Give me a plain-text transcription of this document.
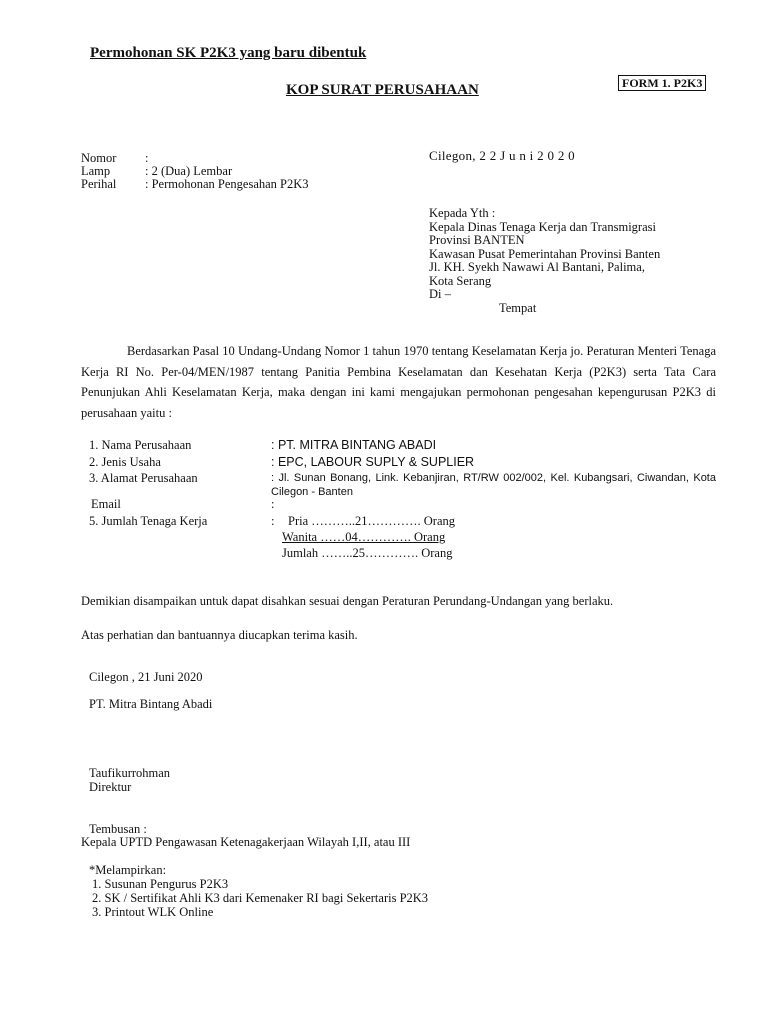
Permohonan SK P2K3 yang baru dibentuk
KOP SURAT PERUSAHAAN	FORM 1. P2K3
Nomor :
Lamp	: 2 (Dua) Lembar
Perihal : Permohonan Pengesahan P2K3
Cilegon, 2 2 J u n i 2 0 2 0
Kepada Yth :
Kepala Dinas Tenaga Kerja dan Transmigrasi
Provinsi BANTEN
Kawasan Pusat Pemerintahan Provinsi Banten
Jl. KH. Syekh Nawawi Al Bantani, Palima,
Kota Serang
Di –
Tempat
Berdasarkan Pasal 10 Undang-Undang Nomor 1 tahun 1970 tentang Keselamatan Kerja jo. Peraturan Menteri Tenaga Kerja RI No. Per-04/MEN/1987 tentang Panitia Pembina Keselamatan dan Kesehatan Kerja (P2K3) serta Tata Cara Penunjukan Ahli Keselamatan Kerja, maka dengan ini kami mengajukan permohonan pengesahan kepengurusan P2K3 di perusahaan yaitu :
1. Nama Perusahaan	: PT. MITRA BINTANG ABADI
2. Jenis Usaha	: EPC, LABOUR SUPLY & SUPLIER
3. Alamat Perusahaan	: Jl. Sunan Bonang, Link. Kebanjiran, RT/RW 002/002, Kel. Kubangsari, Ciwandan, Kota Cilegon - Banten
Email	:
5. Jumlah Tenaga Kerja	: Pria ………..21…………. Orang
Wanita ……04…………. Orang
Jumlah ……..25…………. Orang
Demikian disampaikan untuk dapat disahkan sesuai dengan Peraturan Perundang-Undangan yang berlaku.
Atas perhatian dan bantuannya diucapkan terima kasih.
Cilegon , 21 Juni 2020
PT. Mitra Bintang Abadi
Taufikurrohman
Direktur
Tembusan :
Kepala UPTD Pengawasan Ketenagakerjaan Wilayah I,II, atau III
*Melampirkan:
1. Susunan Pengurus P2K3
2. SK / Sertifikat Ahli K3 dari Kemenaker RI bagi Sekertaris P2K3
3. Printout WLK Online
